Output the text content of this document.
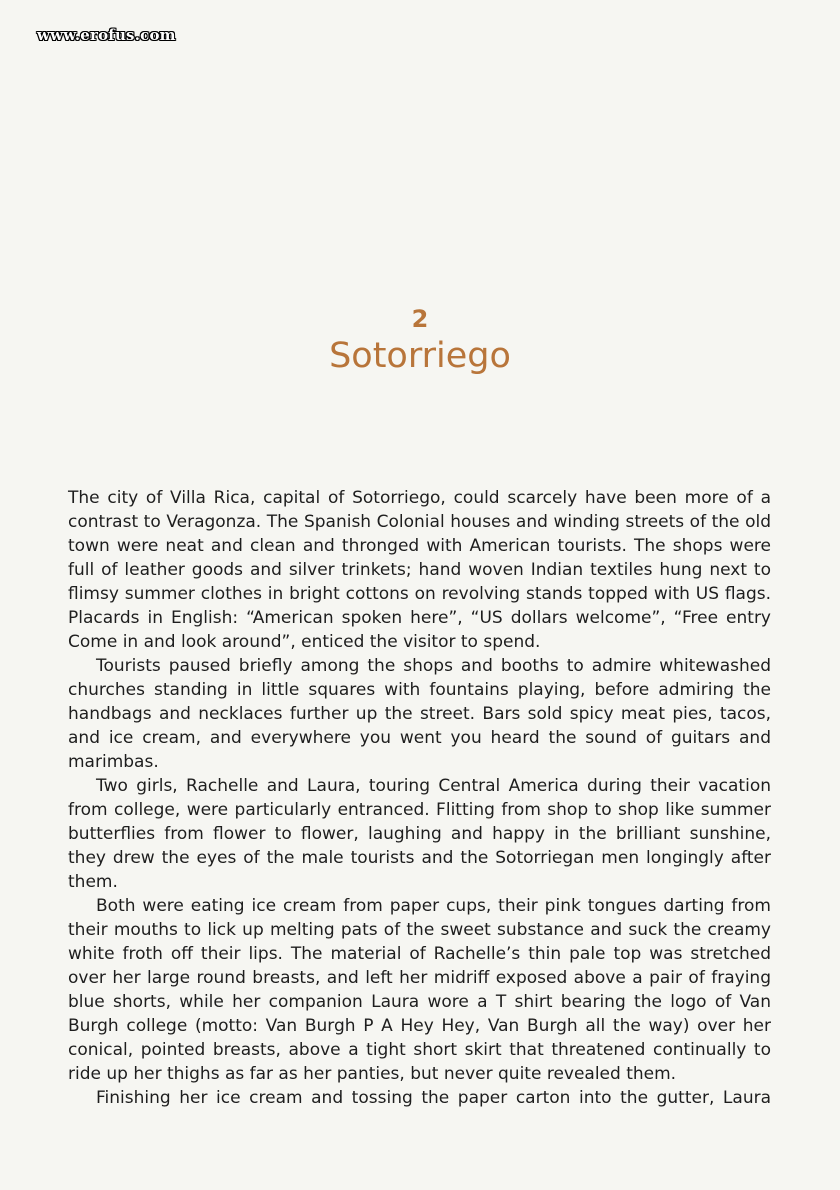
www.erofus.com
2
Sotorriego

The city of Villa Rica, capital of Sotorriego, could scarcely have been more of a contrast to Veragonza. The Spanish Colonial houses and winding streets of the old town were neat and clean and thronged with American tourists. The shops were full of leather goods and silver trinkets; hand woven Indian textiles hung next to flimsy summer clothes in bright cottons on revolving stands topped with US flags. Placards in English: “American spoken here”, “US dollars welcome”, “Free entry Come in and look around”, enticed the visitor to spend.

Tourists paused briefly among the shops and booths to admire whitewashed churches standing in little squares with fountains playing, before admiring the handbags and necklaces further up the street. Bars sold spicy meat pies, tacos, and ice cream, and everywhere you went you heard the sound of guitars and marimbas.

Two girls, Rachelle and Laura, touring Central America during their vacation from college, were particularly entranced. Flitting from shop to shop like summer butterflies from flower to flower, laughing and happy in the brilliant sunshine, they drew the eyes of the male tourists and the Sotorriegan men longingly after them.

Both were eating ice cream from paper cups, their pink tongues darting from their mouths to lick up melting pats of the sweet substance and suck the creamy white froth off their lips. The material of Rachelle’s thin pale top was stretched over her large round breasts, and left her midriff exposed above a pair of fraying blue shorts, while her companion Laura wore a T shirt bearing the logo of Van Burgh college (motto: Van Burgh P A Hey Hey, Van Burgh all the way) over her conical, pointed breasts, above a tight short skirt that threatened continually to ride up her thighs as far as her panties, but never quite revealed them.

Finishing her ice cream and tossing the paper carton into the gutter, Laura
